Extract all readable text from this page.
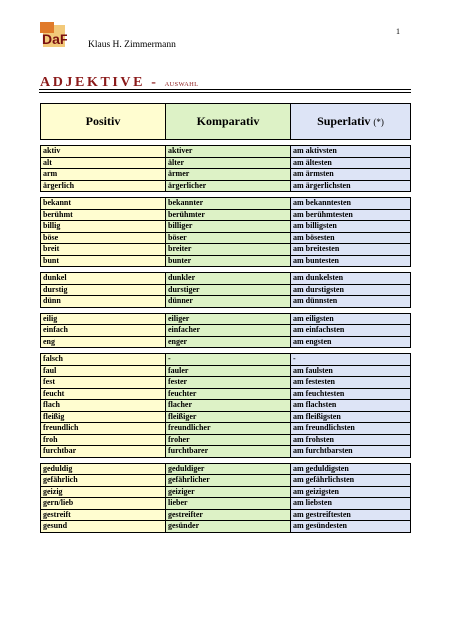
1
DaF Klaus H. Zimmermann
ADJEKTIVE - AUSWAHL
Positiv	Komparativ	Superlativ (*)
aktiv	aktiver	am aktivsten
alt	älter	am ältesten
arm	ärmer	am ärmsten
ärgerlich	ärgerlicher	am ärgerlichsten
bekannt	bekannter	am bekanntesten
berühmt	berühmter	am berühmtesten
billig	billiger	am billigsten
böse	böser	am bösesten
breit	breiter	am breitesten
bunt	bunter	am buntesten
dunkel	dunkler	am dunkelsten
durstig	durstiger	am durstigsten
dünn	dünner	am dünnsten
eilig	eiliger	am eiligsten
einfach	einfacher	am einfachsten
eng	enger	am engsten
falsch	-	-
faul	fauler	am faulsten
fest	fester	am festesten
feucht	feuchter	am feuchtesten
flach	flacher	am flachsten
fleißig	fleißiger	am fleißigsten
freundlich	freundlicher	am freundlichsten
froh	froher	am frohsten
furchtbar	furchtbarer	am furchtbarsten
geduldig	geduldiger	am geduldigsten
gefährlich	gefährlicher	am gefährlichsten
geizig	geiziger	am geizigsten
gern/lieb	lieber	am liebsten
gestreift	gestreifter	am gestreiftesten
gesund	gesünder	am gesündesten
